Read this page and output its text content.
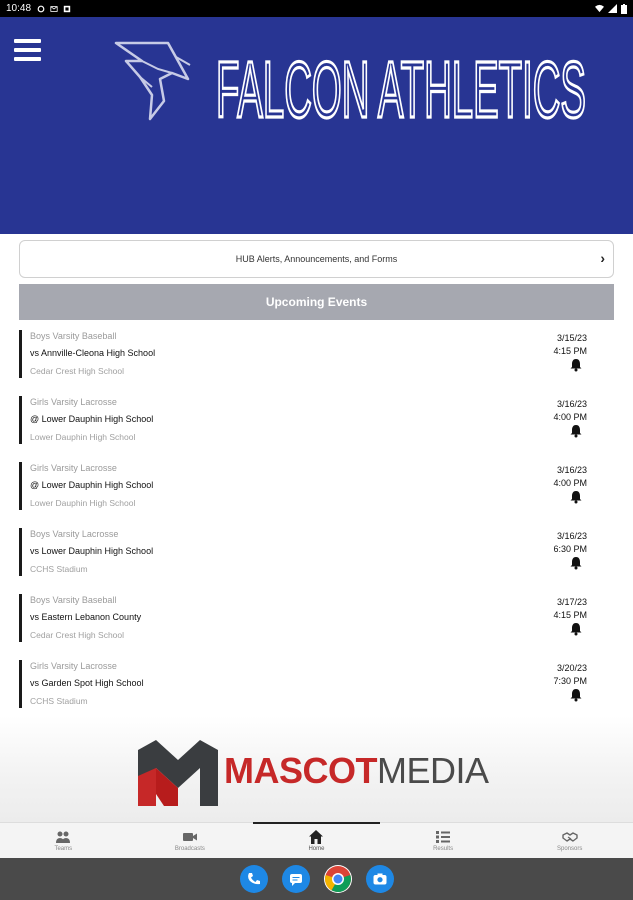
10:48
FALCON ATHLETICS
HUB Alerts, Announcements, and Forms	›
Upcoming Events
Boys Varsity Baseball
vs Annville-Cleona High School
Cedar Crest High School
3/15/23
4:15 PM
Girls Varsity Lacrosse
@ Lower Dauphin High School
Lower Dauphin High School
3/16/23
4:00 PM
Girls Varsity Lacrosse
@ Lower Dauphin High School
Lower Dauphin High School
3/16/23
4:00 PM
Boys Varsity Lacrosse
vs Lower Dauphin High School
CCHS Stadium
3/16/23
6:30 PM
Boys Varsity Baseball
vs Eastern Lebanon County
Cedar Crest High School
3/17/23
4:15 PM
Girls Varsity Lacrosse
vs Garden Spot High School
CCHS Stadium
3/20/23
7:30 PM
MASCOTMEDIA
Teams	Broadcasts	Home	Results	Sponsors
